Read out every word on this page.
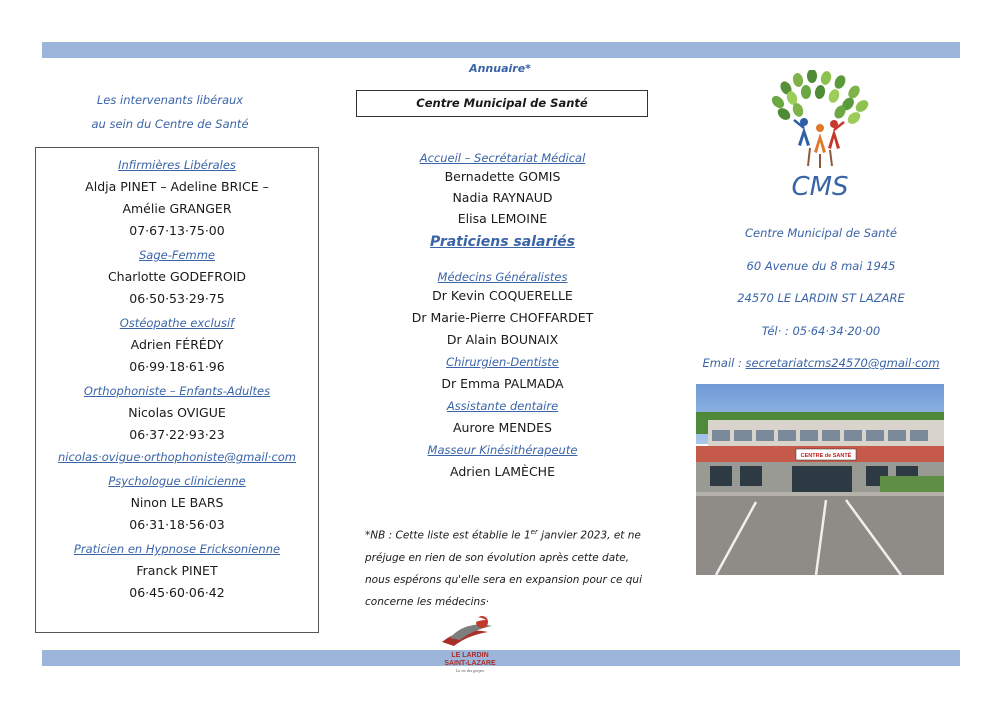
Les intervenants libéraux
au sein du Centre de Santé
Infirmières Libérales
Aldja PINET – Adeline BRICE –
Amélie GRANGER
07·67·13·75·00
Sage-Femme
Charlotte GODEFROID
06·50·53·29·75
Ostéopathe exclusif
Adrien FÉRÉDY
06·99·18·61·96
Orthophoniste – Enfants-Adultes
Nicolas OVIGUE
06·37·22·93·23
nicolas·ovigue·orthophoniste@gmail·com
Psychologue clinicienne
Ninon LE BARS
06·31·18·56·03
Praticien en Hypnose Ericksonienne
Franck PINET
06·45·60·06·42
Annuaire*
Centre Municipal de Santé
Accueil – Secrétariat Médical
Bernadette GOMIS
Nadia RAYNAUD
Elisa LEMOINE
Praticiens salariés
Médecins Généralistes
Dr Kevin COQUERELLE
Dr Marie-Pierre CHOFFARDET
Dr Alain BOUNAIX
Chirurgien-Dentiste
Dr Emma PALMADA
Assistante dentaire
Aurore MENDES
Masseur Kinésithérapeute
Adrien LAMÈCHE
*NB : Cette liste est établie le 1er janvier 2023, et ne préjuge en rien de son évolution après cette date, nous espérons qu'elle sera en expansion pour ce qui concerne les médecins·
LE LARDIN
SAINT-LAZARE
La vie des gorges
CMS
Centre Municipal de Santé
60 Avenue du 8 mai 1945
24570 LE LARDIN ST LAZARE
Tél· : 05·64·34·20·00
Email : secretariatcms24570@gmail·com
CENTRE de SANTÉ
